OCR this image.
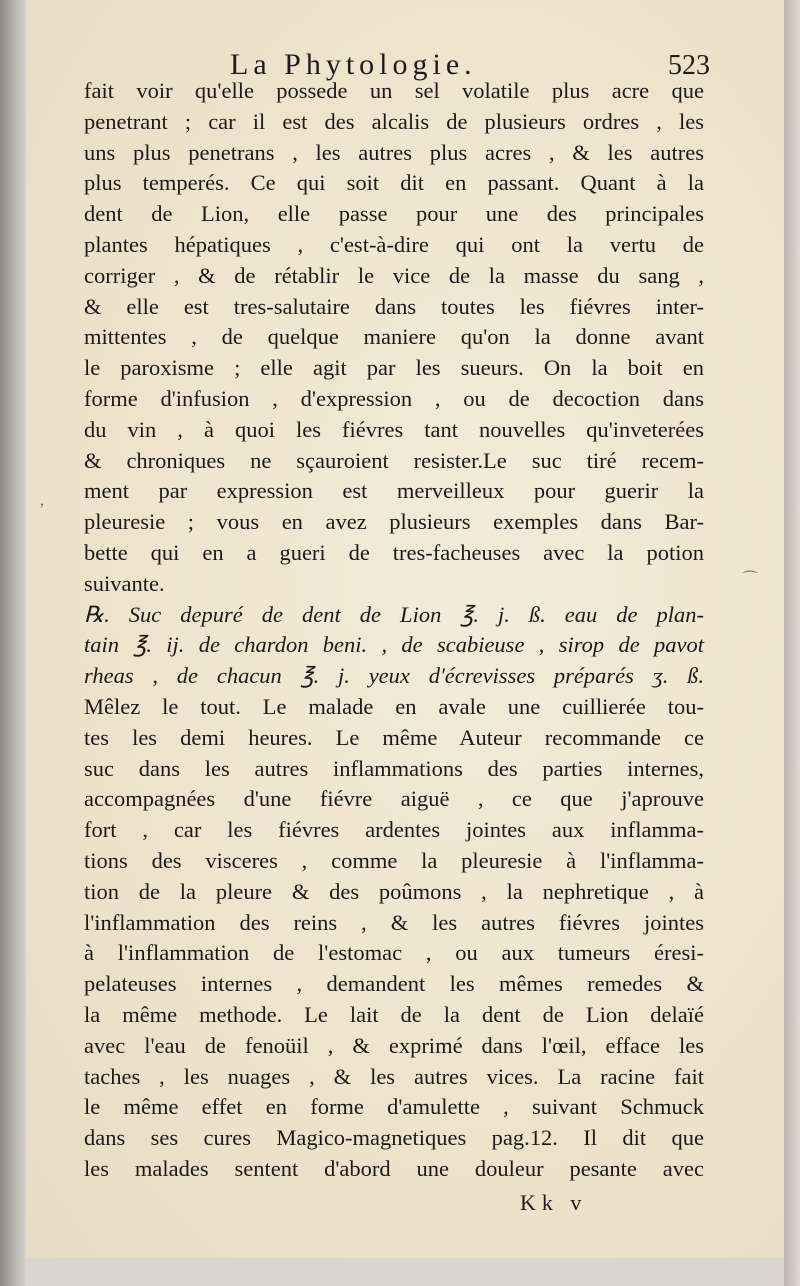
La Phytologie.	523
fait voir qu'elle possede un sel volatile plus acre que
penetrant ; car il est des alcalis de plusieurs ordres , les
uns plus penetrans , les autres plus acres , & les autres
plus temperés. Ce qui soit dit en passant. Quant à la
dent de Lion, elle passe pour une des principales
plantes hépatiques , c'est-à-dire qui ont la vertu de
corriger , & de rétablir le vice de la masse du sang ,
& elle est tres-salutaire dans toutes les fiévres inter-
mittentes , de quelque maniere qu'on la donne avant
le paroxisme ; elle agit par les sueurs. On la boit en
forme d'infusion , d'expression , ou de decoction dans
du vin , à quoi les fiévres tant nouvelles qu'inveterées
& chroniques ne sçauroient resister.Le suc tiré recem-
ment par expression est merveilleux pour guerir la
pleuresie ; vous en avez plusieurs exemples dans Bar-
bette qui en a gueri de tres-facheuses avec la potion
suivante.
℞. Suc depuré de dent de Lion ℥. j. ß. eau de plan-
tain ℥. ij. de chardon beni. , de scabieuse , sirop de pavot
rheas , de chacun ℥. j. yeux d'écrevisses préparés ʒ. ß.
Mêlez le tout. Le malade en avale une cuillierée tou-
tes les demi heures. Le même Auteur recommande ce
suc dans les autres inflammations des parties internes,
accompagnées d'une fiévre aiguë , ce que j'aprouve
fort , car les fiévres ardentes jointes aux inflamma-
tions des visceres , comme la pleuresie à l'inflamma-
tion de la pleure & des poûmons , la nephretique , à
l'inflammation des reins , & les autres fiévres jointes
à l'inflammation de l'estomac , ou aux tumeurs éresi-
pelateuses internes , demandent les mêmes remedes &
la même methode. Le lait de la dent de Lion delaïé
avec l'eau de fenoüil , & exprimé dans l'œil, efface les
taches , les nuages , & les autres vices. La racine fait
le même effet en forme d'amulette , suivant Schmuck
dans ses cures Magico-magnetiques pag.12. Il dit que
les malades sentent d'abord une douleur pesante avec
Kk v
,
⌒
